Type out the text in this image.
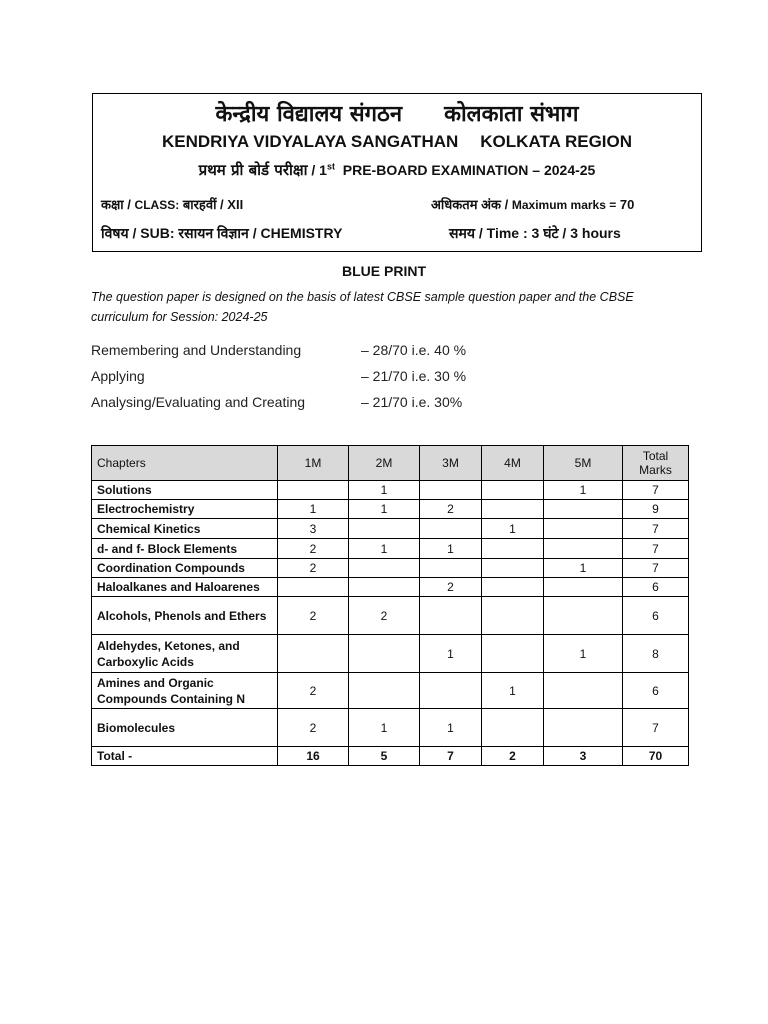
केन्द्रीय विद्यालय संगठन कोलकाता संभाग
KENDRIYA VIDYALAYA SANGATHAN KOLKATA REGION
प्रथम प्री बोर्ड परीक्षा / 1st PRE-BOARD EXAMINATION – 2024-25
कक्षा / CLASS: बारहवीं / XII	अधिकतम अंक / Maximum marks = 70
विषय / SUB: रसायन विज्ञान / CHEMISTRY	समय / Time : 3 घंटे / 3 hours
BLUE PRINT
The question paper is designed on the basis of latest CBSE sample question paper and the CBSE curriculum for Session: 2024-25
Remembering and Understanding	– 28/70 i.e. 40 %
Applying	– 21/70 i.e. 30 %
Analysing/Evaluating and Creating	– 21/70 i.e. 30%
Chapters	1M	2M	3M	4M	5M	Total Marks
Solutions		1			1	7
Electrochemistry	1	1	2			9
Chemical Kinetics	3			1		7
d- and f- Block Elements	2	1	1			7
Coordination Compounds	2				1	7
Haloalkanes and Haloarenes			2			6
Alcohols, Phenols and Ethers	2	2				6
Aldehydes, Ketones, and Carboxylic Acids			1		1	8
Amines and Organic Compounds Containing N	2			1		6
Biomolecules	2	1	1			7
Total -	16	5	7	2	3	70
